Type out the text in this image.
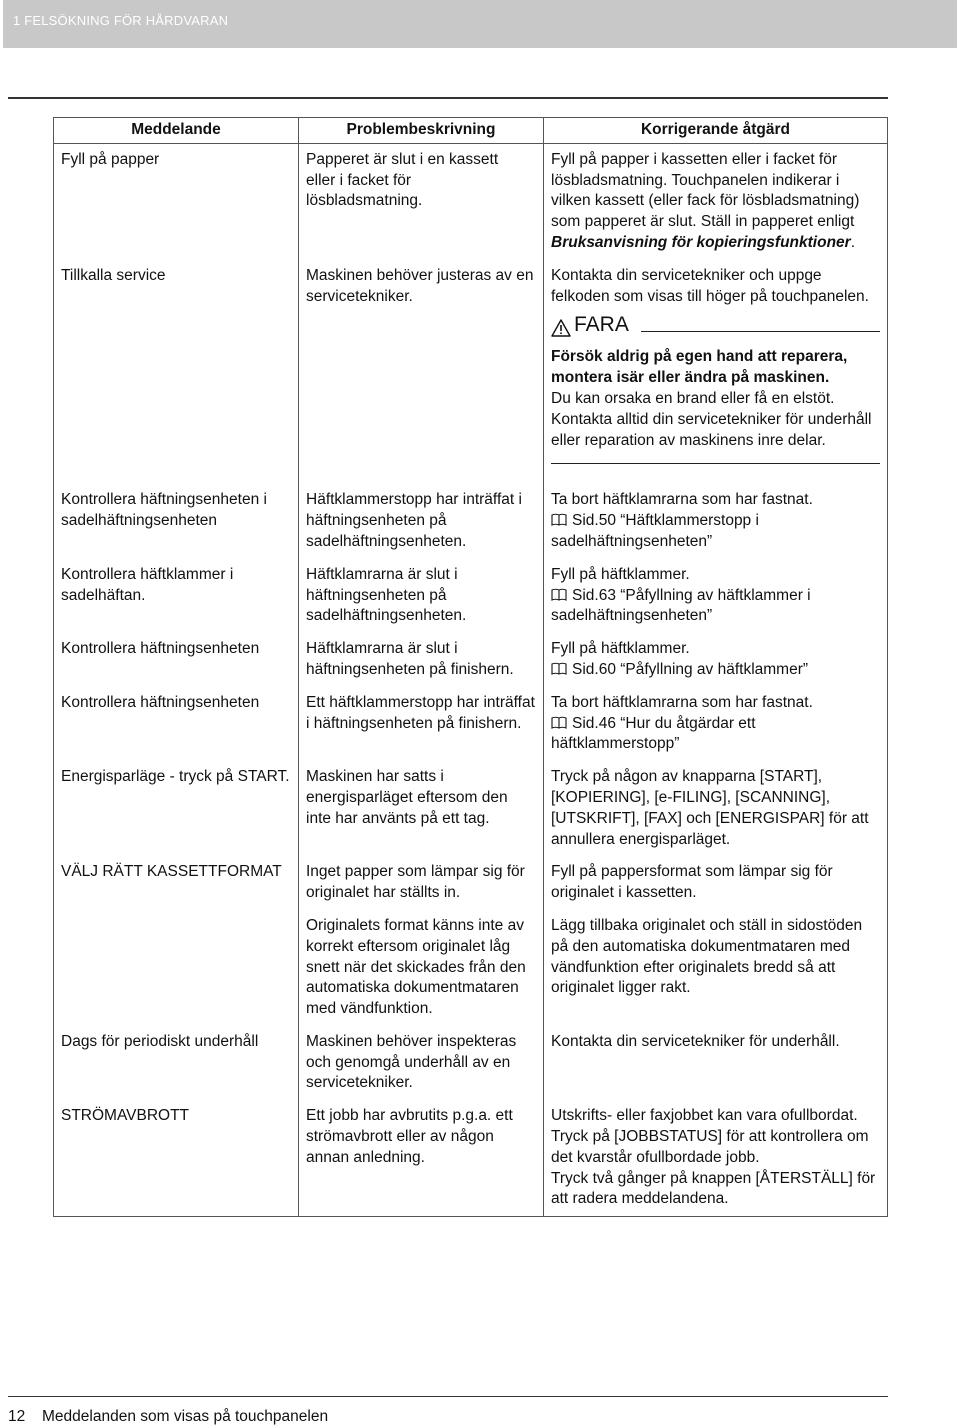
1 FELSÖKNING FÖR HÅRDVARAN
Meddelande	Problembeskrivning	Korrigerande åtgärd
Fyll på papper	Papperet är slut i en kassett eller i facket för lösbladsmatning.	Fyll på papper i kassetten eller i facket för lösbladsmatning. Touchpanelen indikerar i vilken kassett (eller fack för lösbladsmatning) som papperet är slut. Ställ in papperet enligt Bruksanvisning för kopieringsfunktioner.
Tillkalla service	Maskinen behöver justeras av en servicetekniker.	Kontakta din servicetekniker och uppge felkoden som visas till höger på touchpanelen.
FARA
Försök aldrig på egen hand att reparera, montera isär eller ändra på maskinen.
Du kan orsaka en brand eller få en elstöt. Kontakta alltid din servicetekniker för underhåll eller reparation av maskinens inre delar.

Kontrollera häftningsenheten i sadelhäftningsenheten	Häftklammerstopp har inträffat i häftningsenheten på sadelhäftningsenheten.	Ta bort häftklamrarna som har fastnat.
Sid.50 “Häftklammerstopp i sadelhäftningsenheten”

Kontrollera häftklammer i sadelhäftan.	Häftklamrarna är slut i häftningsenheten på sadelhäftningsenheten.	Fyll på häftklammer.
Sid.63 “Påfyllning av häftklammer i sadelhäftningsenheten”

Kontrollera häftningsenheten	Häftklamrarna är slut i häftningsenheten på finishern.	Fyll på häftklammer.
Sid.60 “Påfyllning av häftklammer”

Kontrollera häftningsenheten	Ett häftklammerstopp har inträffat i häftningsenheten på finishern.	Ta bort häftklamrarna som har fastnat.
Sid.46 “Hur du åtgärdar ett häftklammerstopp”

Energisparläge - tryck på START.	Maskinen har satts i energisparläget eftersom den inte har använts på ett tag.	Tryck på någon av knapparna [START], [KOPIERING], [e-FILING], [SCANNING], [UTSKRIFT], [FAX] och [ENERGISPAR] för att annullera energisparläget.
VÄLJ RÄTT KASSETTFORMAT	Inget papper som lämpar sig för originalet har ställts in.	Fyll på pappersformat som lämpar sig för originalet i kassetten.
	Originalets format känns inte av korrekt eftersom originalet låg snett när det skickades från den automatiska dokumentmataren med vändfunktion.	Lägg tillbaka originalet och ställ in sidostöden på den automatiska dokumentmataren med vändfunktion efter originalets bredd så att originalet ligger rakt.
Dags för periodiskt underhåll	Maskinen behöver inspekteras och genomgå underhåll av en servicetekniker.	Kontakta din servicetekniker för underhåll.
STRÖMAVBROTT	Ett jobb har avbrutits p.g.a. ett strömavbrott eller av någon annan anledning.	Utskrifts- eller faxjobbet kan vara ofullbordat. Tryck på [JOBBSTATUS] för att kontrollera om det kvarstår ofullbordade jobb.
Tryck två gånger på knappen [ÅTERSTÄLL] för att radera meddelandena.
12 Meddelanden som visas på touchpanelen
